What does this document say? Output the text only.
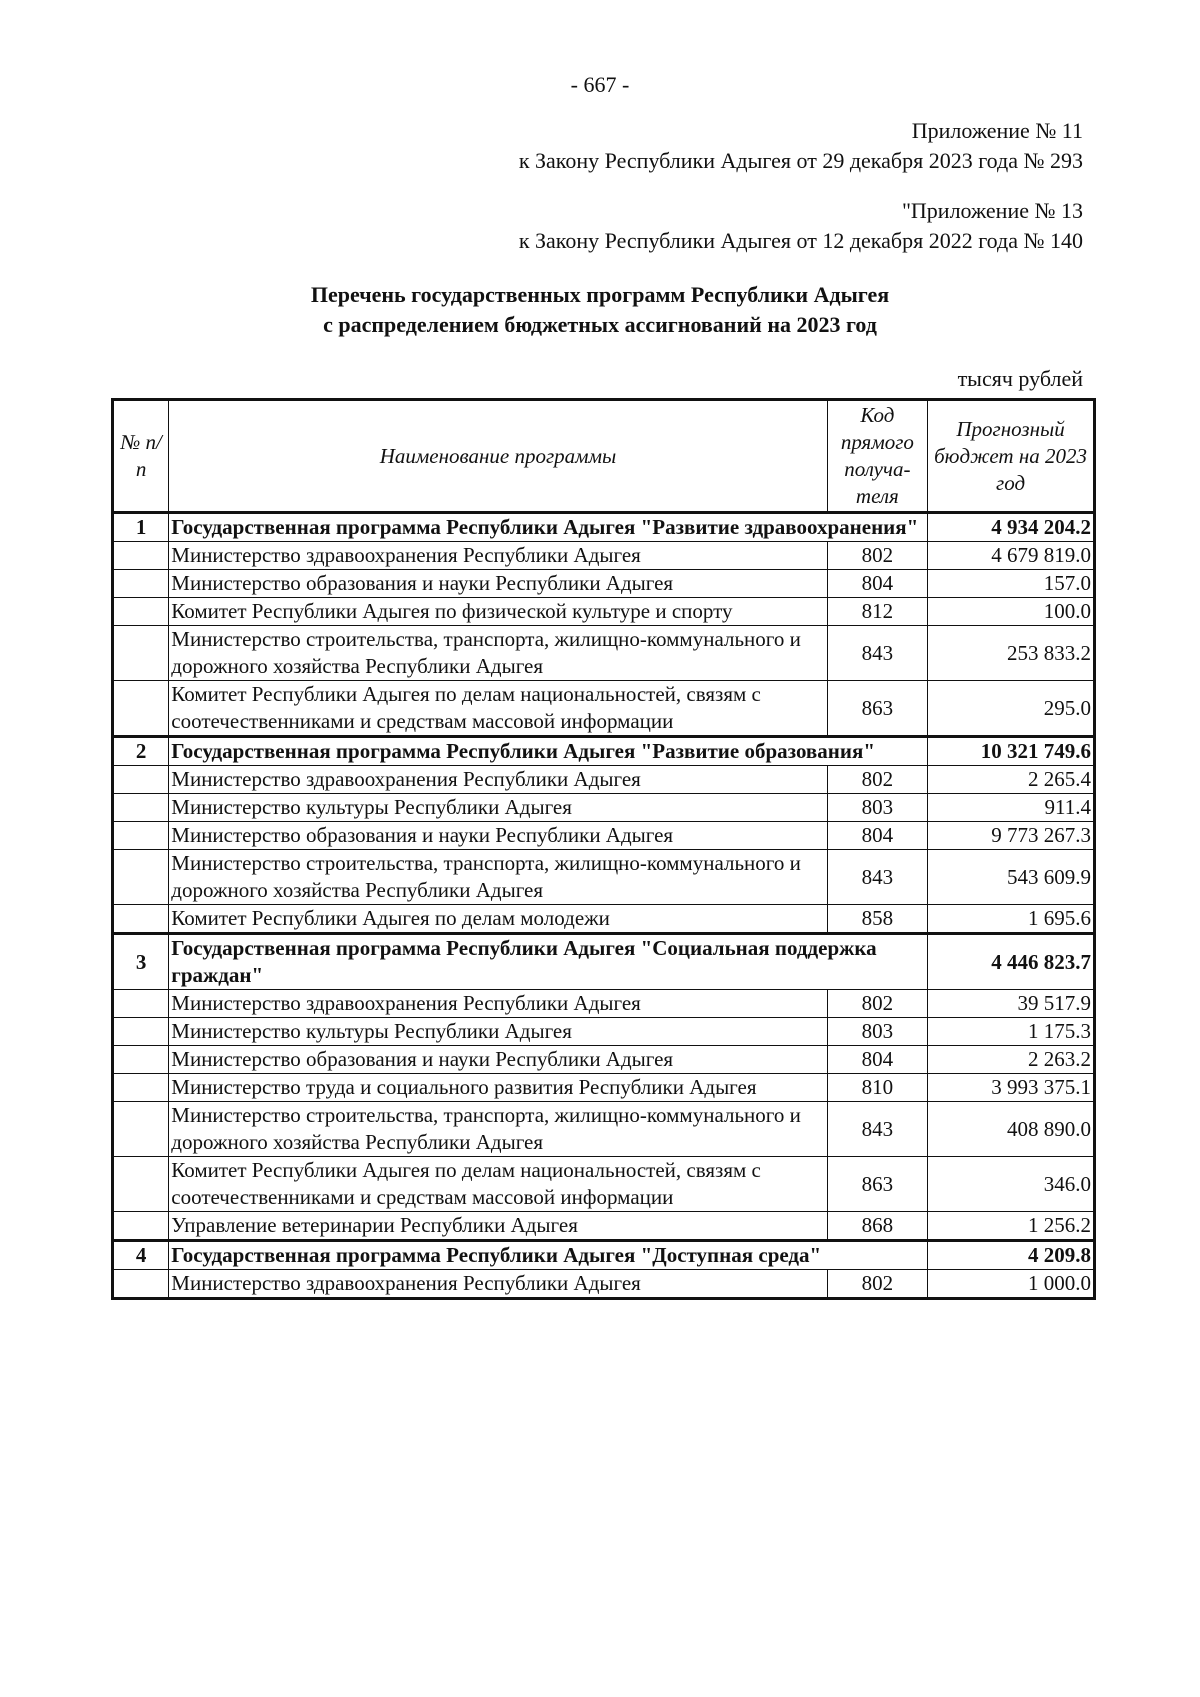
- 667 -
Приложение № 11
к Закону Республики Адыгея от 29 декабря 2023 года № 293
"Приложение № 13
к Закону Республики Адыгея от 12 декабря 2022 года № 140
Перечень государственных программ Республики Адыгея
с распределением бюджетных ассигнований на 2023 год
тысяч рублей
№ п/п	Наименование программы	Код прямого получа-теля	Прогнозный бюджет на 2023 год
1	Государственная программа Республики Адыгея "Развитие здравоохранения"		4 934 204.2
	Министерство здравоохранения Республики Адыгея	802	4 679 819.0
	Министерство образования и науки Республики Адыгея	804	157.0
	Комитет Республики Адыгея по физической культуре и спорту	812	100.0
	Министерство строительства, транспорта, жилищно-коммунального и дорожного хозяйства Республики Адыгея	843	253 833.2
	Комитет Республики Адыгея по делам национальностей, связям с соотечественниками и средствам массовой информации	863	295.0
2	Государственная программа Республики Адыгея "Развитие образования"		10 321 749.6
	Министерство здравоохранения Республики Адыгея	802	2 265.4
	Министерство культуры Республики Адыгея	803	911.4
	Министерство образования и науки Республики Адыгея	804	9 773 267.3
	Министерство строительства, транспорта, жилищно-коммунального и дорожного хозяйства Республики Адыгея	843	543 609.9
	Комитет Республики Адыгея по делам молодежи	858	1 695.6
3	Государственная программа Республики Адыгея "Социальная поддержка граждан"		4 446 823.7
	Министерство здравоохранения Республики Адыгея	802	39 517.9
	Министерство культуры Республики Адыгея	803	1 175.3
	Министерство образования и науки Республики Адыгея	804	2 263.2
	Министерство труда и социального развития Республики Адыгея	810	3 993 375.1
	Министерство строительства, транспорта, жилищно-коммунального и дорожного хозяйства Республики Адыгея	843	408 890.0
	Комитет Республики Адыгея по делам национальностей, связям с соотечественниками и средствам массовой информации	863	346.0
	Управление ветеринарии Республики Адыгея	868	1 256.2
4	Государственная программа Республики Адыгея "Доступная среда"		4 209.8
	Министерство здравоохранения Республики Адыгея	802	1 000.0
